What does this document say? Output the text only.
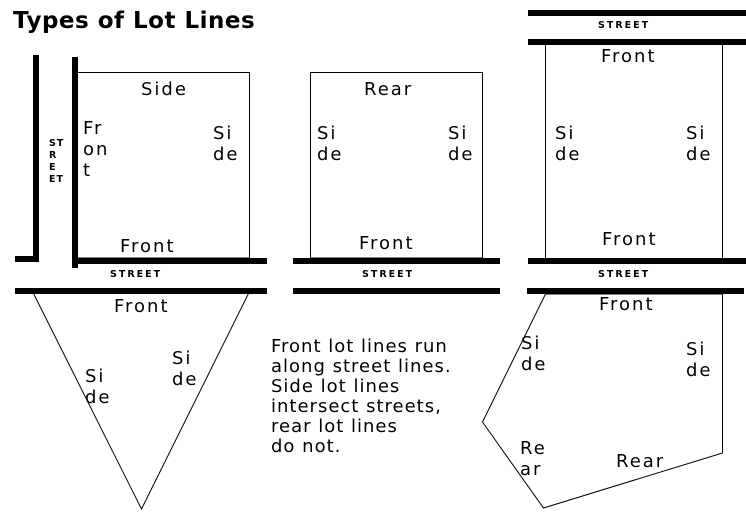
Types of Lot Lines
ST
R
E
ET
STREET
STREET	STREET	STREET
Side
Fr
on
t
Si
de
Front
Rear
Si
de
Si
de
Front
Front
Si
de
Si
de
Front
Front
Si
de
Si
de
Front
Si
de
Si
de
Re
ar	Rear
Front lot lines run
along street lines.
Side lot lines
intersect streets,
rear lot lines
do not.
